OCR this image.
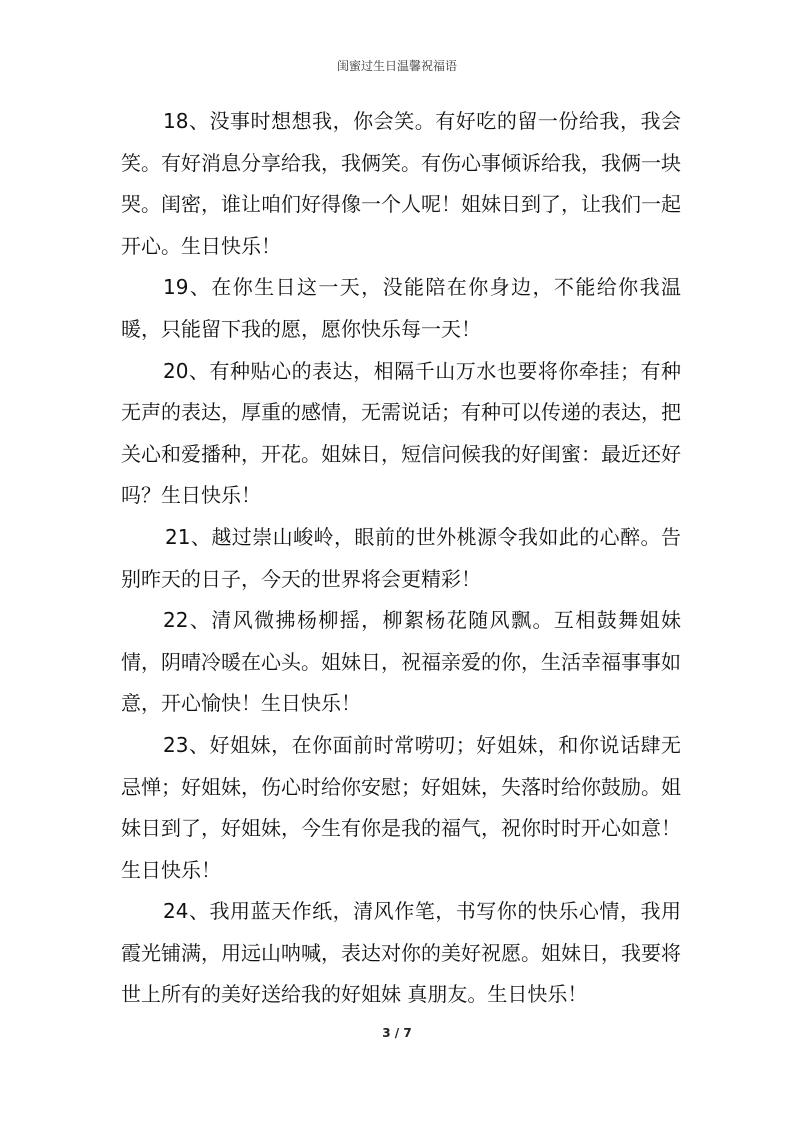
闺蜜过生日温馨祝福语

18、没事时想想我，你会笑。有好吃的留一份给我，我会笑。有好消息分享给我，我俩笑。有伤心事倾诉给我，我俩一块哭。闺密，谁让咱们好得像一个人呢！姐妹日到了，让我们一起开心。生日快乐！

19、在你生日这一天，没能陪在你身边，不能给你我温暖，只能留下我的愿，愿你快乐每一天！

20、有种贴心的表达，相隔千山万水也要将你牵挂；有种无声的表达，厚重的感情，无需说话；有种可以传递的表达，把关心和爱播种，开花。姐妹日，短信问候我的好闺蜜：最近还好吗？生日快乐！

21、越过崇山峻岭，眼前的世外桃源令我如此的心醉。告别昨天的日子，今天的世界将会更精彩！

22、清风微拂杨柳摇，柳絮杨花随风飘。互相鼓舞姐妹情，阴晴冷暖在心头。姐妹日，祝福亲爱的你，生活幸福事事如意，开心愉快！生日快乐！

23、好姐妹，在你面前时常唠叨；好姐妹，和你说话肆无忌惮；好姐妹，伤心时给你安慰；好姐妹，失落时给你鼓励。姐妹日到了，好姐妹，今生有你是我的福气，祝你时时开心如意！生日快乐！

24、我用蓝天作纸，清风作笔，书写你的快乐心情，我用霞光铺满，用远山呐喊，表达对你的美好祝愿。姐妹日，我要将世上所有的美好送给我的好姐妹 真朋友。生日快乐！

3 / 7
